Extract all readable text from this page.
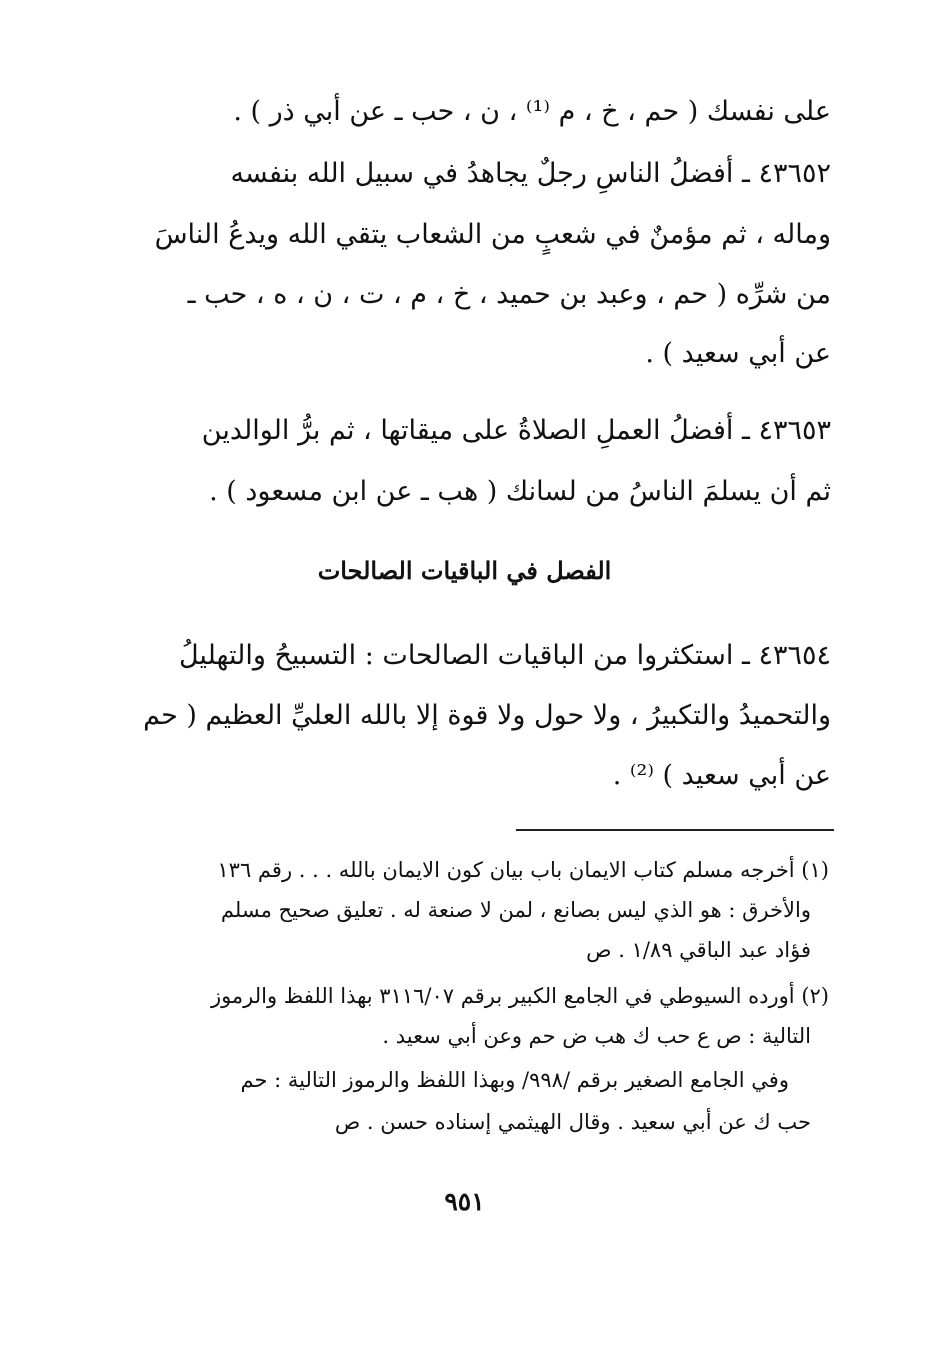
على نفسك ( حم ، خ ، م ⁽¹⁾ ، ن ، حب ـ عن أبي ذر ) .
٤٣٦٥٢ ـ أفضلُ الناسِ رجلٌ يجاهدُ في سبيل الله بنفسه
وماله ، ثم مؤمنٌ في شعبٍ من الشعاب يتقي الله ويدعُ الناسَ
من شرِّه ( حم ، وعبد بن حميد ، خ ، م ، ت ، ن ، ه ، حب ـ
عن أبي سعيد ) .
٤٣٦٥٣ ـ أفضلُ العملِ الصلاةُ على ميقاتها ، ثم برُّ الوالدين
ثم أن يسلمَ الناسُ من لسانك ( هب ـ عن ابن مسعود ) .
الفصل في الباقيات الصالحات
٤٣٦٥٤ ـ استكثروا من الباقيات الصالحات : التسبيحُ والتهليلُ
والتحميدُ والتكبيرُ ، ولا حول ولا قوة إلا بالله العليِّ العظيم ( حم
عن أبي سعيد ) ⁽²⁾ .
(١) أخرجه مسلم كتاب الايمان باب بيان كون الايمان بالله . . . رقم ١٣٦
والأخرق : هو الذي ليس بصانع ، لمن لا صنعة له . تعليق صحيح مسلم
فؤاد عبد الباقي ١/٨٩ . ص
(٢) أورده السيوطي في الجامع الكبير برقم ٣١١٦/٠٧ بهذا اللفظ والرموز
التالية : ص ع حب ك هب ض حم وعن أبي سعيد .
وفي الجامع الصغير برقم /٩٩٨/ وبهذا اللفظ والرموز التالية : حم
حب ك عن أبي سعيد . وقال الهيثمي إسناده حسن . ص
٩٥١
